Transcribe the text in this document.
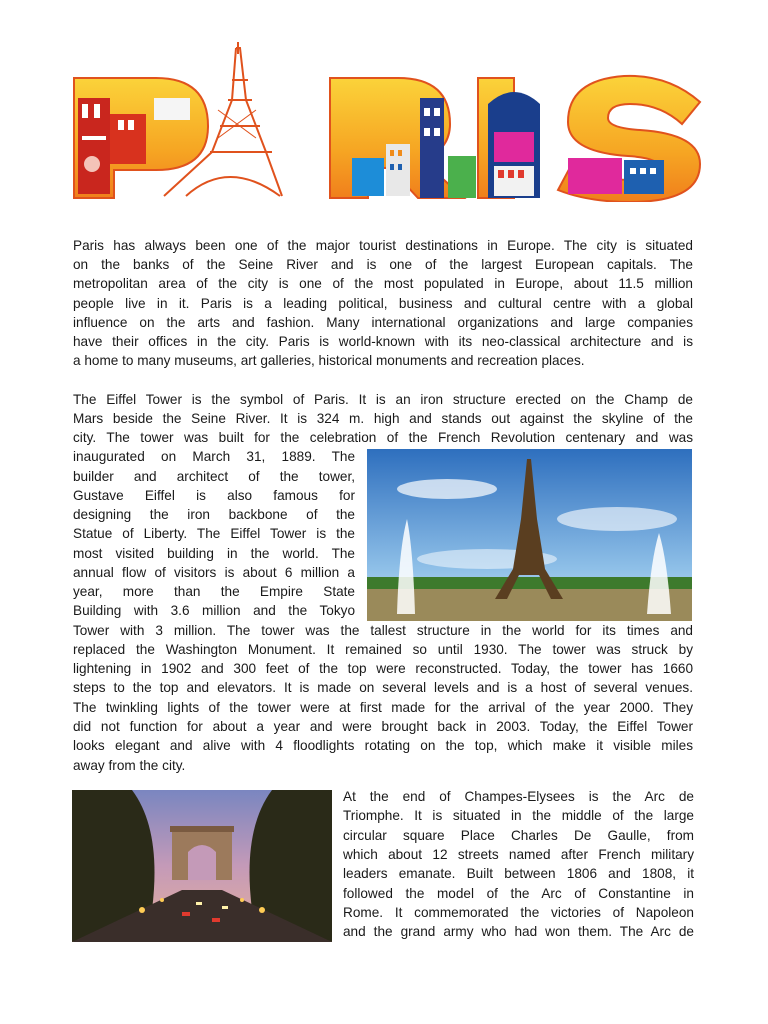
Paris has always been one of the major tourist destinations in Europe. The city is situated

on the banks of the Seine River and is one of the largest European capitals. The

metropolitan area of the city is one of the most populated in Europe, about 11.5 million

people live in it. Paris is a leading political, business and cultural centre with a global

influence on the arts and fashion. Many international organizations and large companies

have their offices in the city. Paris is world-known with its neo-classical architecture and is

a home to many museums, art galleries, historical monuments and recreation places.

The Eiffel Tower is the symbol of Paris. It is an iron structure erected on the Champ de

Mars beside the Seine River. It is 324 m. high and stands out against the skyline of the

city. The tower was built for the celebration of the French Revolution centenary and was

inaugurated on March 31, 1889. The

builder and architect of the tower,

Gustave Eiffel is also famous for

designing the iron backbone of the

Statue of Liberty. The Eiffel Tower is the

most visited building in the world. The

annual flow of visitors is about 6 million a

year, more than the Empire State

Building with 3.6 million and the Tokyo

Tower with 3 million. The tower was the tallest structure in the world for its times and

replaced the Washington Monument. It remained so until 1930. The tower was struck by

lightening in 1902 and 300 feet of the top were reconstructed. Today, the tower has 1660

steps to the top and elevators. It is made on several levels and is a host of several venues.

The twinkling lights of the tower were at first made for the arrival of the year 2000. They

did not function for about a year and were brought back in 2003. Today, the Eiffel Tower

looks elegant and alive with 4 floodlights rotating on the top, which make it visible miles

away from the city.

At the end of Champes-Elysees is the Arc de

Triomphe. It is situated in the middle of the large

circular square Place Charles De Gaulle, from

which about 12 streets named after French military

leaders emanate. Built between 1806 and 1808, it

followed the model of the Arc of Constantine in

Rome. It commemorated the victories of Napoleon

and the grand army who had won them. The Arc de
